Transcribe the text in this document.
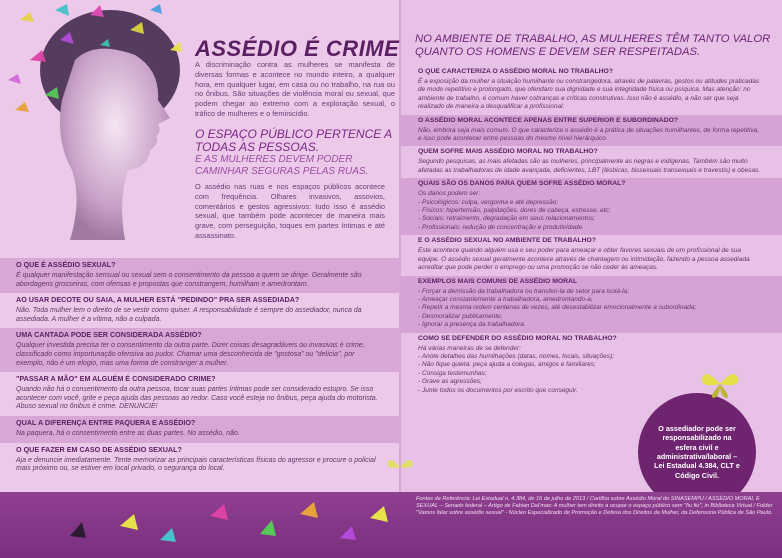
ASSÉDIO É CRIME
A discriminação contra as mulheres se manifesta de diversas formas e acontece no mundo inteiro, a qualquer hora, em qualquer lugar, em casa ou no trabalho, na rua ou no ônibus. São situações de violência moral ou sexual, que podem chegar ao extremo com a exploração sexual, o tráfico de mulheres e o feminicídio.
O ESPAÇO PÚBLICO PERTENCE A TODAS AS PESSOAS.
E AS MULHERES DEVEM PODER CAMINHAR SEGURAS PELAS RUAS.
O assédio nas ruas e nos espaços públicos acontece com frequência. Olhares invasivos, assovios, comentários e gestos agressivos: tudo isso é assédio sexual, que também pode acontecer de maneira mais grave, com perseguição, toques em partes íntimas e até assassinato.
O QUE É ASSÉDIO SEXUAL?
É qualquer manifestação sensual ou sexual sem o consentimento da pessoa a quem se dirige. Geralmente são abordagens grosseiras, com ofensas e propostas que constrangem, humilham e amedrontam.
AO USAR DECOTE OU SAIA, A MULHER ESTÁ "PEDINDO" PRA SER ASSEDIADA?
Não. Toda mulher tem o direito de se vestir como quiser. A responsabilidade é sempre do assediador, nunca da assediada. A mulher é a vítima, não a culpada.
UMA CANTADA PODE SER CONSIDERADA ASSÉDIO?
Qualquer investida precisa ter o consentimento da outra parte. Dizer coisas desagradáveis ou invasivas é crime, classificado como importunação ofensiva ao pudor. Chamar uma desconhecida de "gostosa" ou "delícia", por exemplo, não é um elogio, mas uma forma de constranger a mulher.
"PASSAR A MÃO" EM ALGUÉM É CONSIDERADO CRIME?
Quando não há o consentimento da outra pessoa, tocar suas partes íntimas pode ser considerado estupro. Se isso acontecer com você, grite e peça ajuda das pessoas ao redor. Caso você esteja no ônibus, peça ajuda do motorista. Abuso sexual no ônibus é crime. DENUNCIE!
QUAL A DIFERENÇA ENTRE PAQUERA E ASSÉDIO?
Na paquera, há o consentimento entre as duas partes. No assédio, não.
O QUE FAZER EM CASO DE ASSÉDIO SEXUAL?
Aja e denuncie imediatamente. Tente memorizar as principais características físicas do agressor e procure o policial mais próximo ou, se estiver em local privado, o segurança do local.
NO AMBIENTE DE TRABALHO, AS MULHERES TÊM TANTO VALOR QUANTO OS HOMENS E DEVEM SER RESPEITADAS.
O QUE CARACTERIZA O ASSÉDIO MORAL NO TRABALHO?
É a exposição da mulher a situação humilhante ou constrangedora, através de palavras, gestos ou atitudes praticadas de modo repetitivo e prolongado, que ofendam sua dignidade e sua integridade física ou psíquica. Mas atenção: no ambiente de trabalho, é comum haver cobranças e críticas construtivas. Isso não é assédio, a não ser que seja realizado de maneira a desqualificar a profissional.
O ASSÉDIO MORAL ACONTECE APENAS ENTRE SUPERIOR E SUBORDINADO?
Não, embora seja mais comum. O que caracteriza o assédio é a prática de situações humilhantes, de forma repetitiva, e isso pode acontecer entre pessoas do mesmo nível hierárquico.
QUEM SOFRE MAIS ASSÉDIO MORAL NO TRABALHO?
Segundo pesquisas, as mais afetadas são as mulheres, principalmente as negras e indígenas. Também são muito afetadas as trabalhadoras de idade avançada, deficientes, LBT (lésbicas, bissexuais transexuais e travestis) e obesas.
QUAIS SÃO OS DANOS PARA QUEM SOFRE ASSÉDIO MORAL?
Os danos podem ser:
- Psicológicos: culpa, vergonha e até depressão;
- Físicos: hipertensão, palpitações, dores de cabeça, estresse, etc;
- Sociais: retraimento, degradação em seus relacionamentos;
- Profissionais: redução de concentração e produtividade.
E O ASSÉDIO SEXUAL NO AMBIENTE DE TRABALHO?
Este acontece quando alguém usa o seu poder para ameaçar e obter favores sexuais de um profissional de sua equipe. O assédio sexual geralmente acontece através de chantagem ou intimidação, fazendo a pessoa assediada acreditar que pode perder o emprego ou uma promoção se não ceder às ameaças.
EXEMPLOS MAIS COMUNS DE ASSÉDIO MORAL
- Forçar a demissão da trabalhadora ou transferi-la de setor para isolá-la;
- Ameaçar constantemente a trabalhadora, amedrontando-a;
- Repetir a mesma ordem centenas de vezes, até desestabilizar emocionalmente a subordinada;
- Desmoralizar publicamente;
- Ignorar a presença da trabalhadora.
COMO SE DEFENDER DO ASSÉDIO MORAL NO TRABALHO?
Há várias maneiras de se defender:
- Anote detalhes das humilhações (datas, nomes, locais, situações);
- Não fique quieta: peça ajuda a colegas, amigos e familiares;
- Consiga testemunhas;
- Grave as agressões;
- Junte todos os documentos por escrito que conseguir.
O assediador pode ser responsabilizado na esfera civil e administrativa/laboral – Lei Estadual 4.384, CLT e Código Civil.
Fontes de Referência: Lei Estadual n. 4.384, de 16 de julho de 2013 / Cartilha sobre Assédio Moral do SINASEMPU / ASSÉDIO MORAL E SEXUAL – Senado federal – Artigo de Fabian Dal'mas: A mulher tem direito a ocupar o espaço público sem "fiu fiu", in Biblioteca Virtual / Folder "Vamos falar sobre assédio sexual" - Núcleo Especializado de Promoção e Defesa dos Direitos da Mulher, da Defensoria Pública de São Paulo.
